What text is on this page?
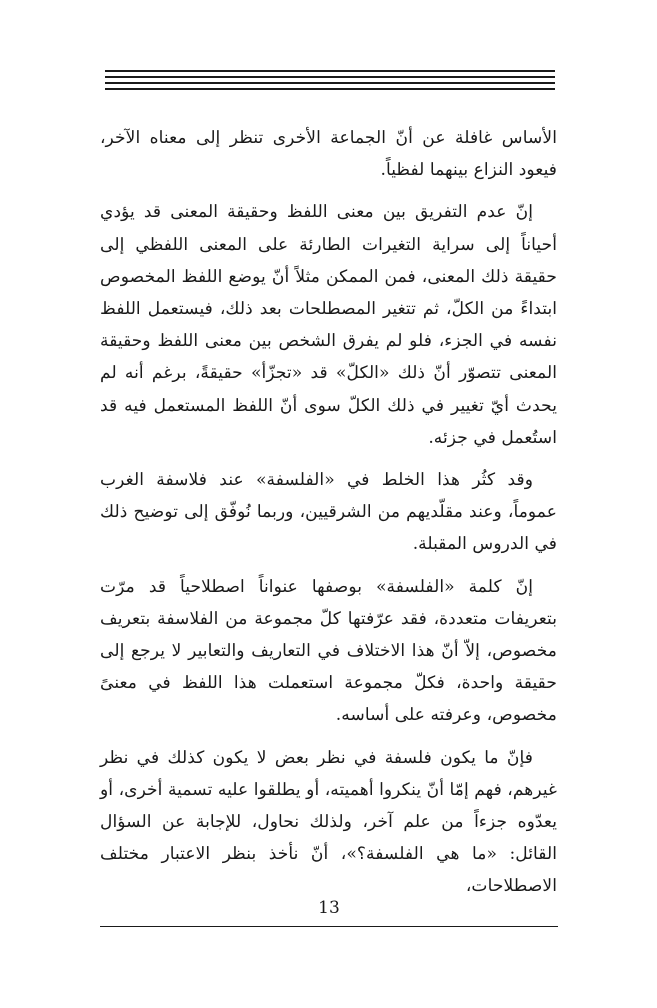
الأساس غافلة عن أنّ الجماعة الأخرى تنظر إلى معناه الآخر، فيعود النزاع بينهما لفظياً.

إنّ عدم التفريق بين معنى اللفظ وحقيقة المعنى قد يؤدي أحياناً إلى سراية التغيرات الطارئة على المعنى اللفظي إلى حقيقة ذلك المعنى، فمن الممكن مثلاً أنّ يوضع اللفظ المخصوص ابتداءً من الكلّ، ثم تتغير المصطلحات بعد ذلك، فيستعمل اللفظ نفسه في الجزء، فلو لم يفرق الشخص بين معنى اللفظ وحقيقة المعنى تتصوّر أنّ ذلك «الكلّ» قد «تجزّأ» حقيقةً، برغم أنه لم يحدث أيّ تغيير في ذلك الكلّ سوى أنّ اللفظ المستعمل فيه قد استُعمل في جزئه.

وقد كثُر هذا الخلط في «الفلسفة» عند فلاسفة الغرب عموماً، وعند مقلّديهم من الشرقيين، وربما نُوفّق إلى توضيح ذلك في الدروس المقبلة.

إنّ كلمة «الفلسفة» بوصفها عنواناً اصطلاحياً قد مرّت بتعريفات متعددة، فقد عرّفتها كلّ مجموعة من الفلاسفة بتعريف مخصوص، إلاّ أنّ هذا الاختلاف في التعاريف والتعابير لا يرجع إلى حقيقة واحدة، فكلّ مجموعة استعملت هذا اللفظ في معنىً مخصوص، وعرفته على أساسه.

فإنّ ما يكون فلسفة في نظر بعض لا يكون كذلك في نظر غيرهم، فهم إمّا أنّ ينكروا أهميته، أو يطلقوا عليه تسمية أخرى، أو يعدّوه جزءاً من علم آخر، ولذلك نحاول، للإجابة عن السؤال القائل: «ما هي الفلسفة؟»، أنّ نأخذ بنظر الاعتبار مختلف الاصطلاحات،

13
